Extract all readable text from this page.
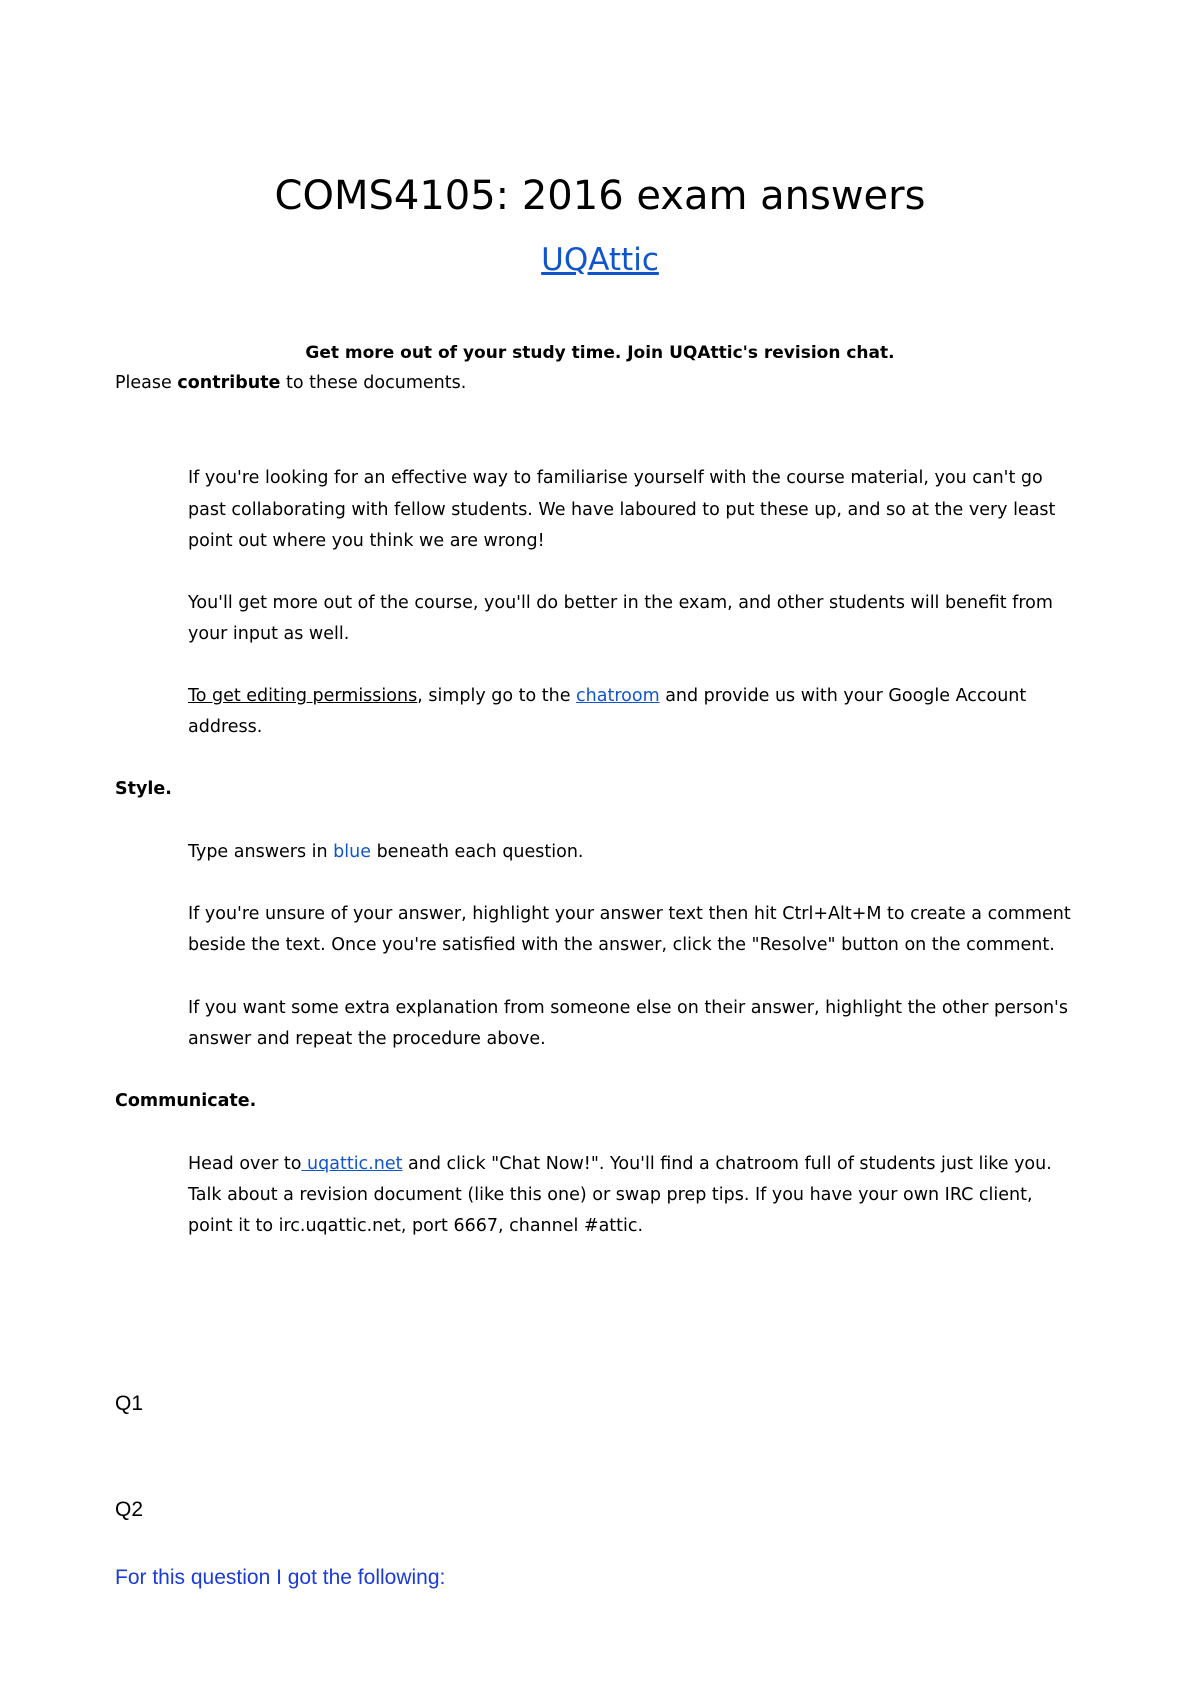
COMS4105: 2016 exam answers
UQAttic
Get more out of your study time. Join UQAttic's revision chat.
Please contribute to these documents.
If you're looking for an effective way to familiarise yourself with the course material, you can't go
past collaborating with fellow students. We have laboured to put these up, and so at the very least
point out where you think we are wrong!
You'll get more out of the course, you'll do better in the exam, and other students will benefit from
your input as well.
To get editing permissions, simply go to the chatroom and provide us with your Google Account
address.
Style.
Type answers in blue beneath each question.
If you're unsure of your answer, highlight your answer text then hit Ctrl+Alt+M to create a comment
beside the text. Once you're satisfied with the answer, click the "Resolve" button on the comment.
If you want some extra explanation from someone else on their answer, highlight the other person's
answer and repeat the procedure above.
Communicate.
Head over to uqattic.net and click "Chat Now!". You'll find a chatroom full of students just like you.
Talk about a revision document (like this one) or swap prep tips. If you have your own IRC client,
point it to irc.uqattic.net, port 6667, channel #attic.
Q1
Q2
For this question I got the following:
